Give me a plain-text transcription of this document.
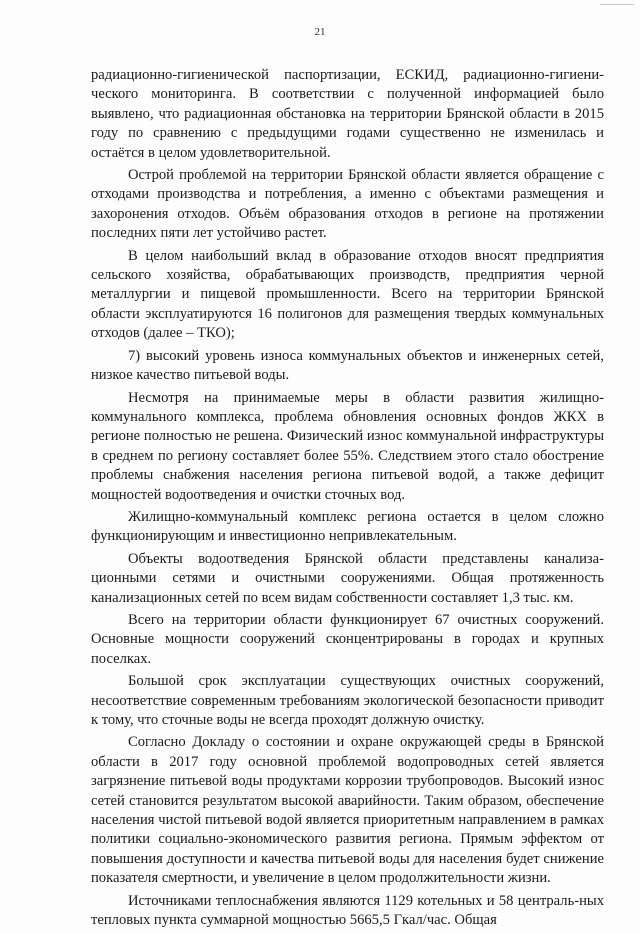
21

радиационно-гигиенической паспортизации, ЕСКИД, радиационно-гигиени-ческого мониторинга. В соответствии с полученной информацией было выявлено, что радиационная обстановка на территории Брянской области в 2015 году по сравнению с предыдущими годами существенно не изменилась и остаётся в целом удовлетворительной.

Острой проблемой на территории Брянской области является обращение с отходами производства и потребления, а именно с объектами размещения и захоронения отходов. Объём образования отходов в регионе на протяжении последних пяти лет устойчиво растет.

В целом наибольший вклад в образование отходов вносят предприятия сельского хозяйства, обрабатывающих производств, предприятия черной металлургии и пищевой промышленности. Всего на территории Брянской области эксплуатируются 16 полигонов для размещения твердых коммунальных отходов (далее – ТКО);

7) высокий уровень износа коммунальных объектов и инженерных сетей, низкое качество питьевой воды.

Несмотря на принимаемые меры в области развития жилищно-коммунального комплекса, проблема обновления основных фондов ЖКХ в регионе полностью не решена. Физический износ коммунальной инфраструктуры в среднем по региону составляет более 55%. Следствием этого стало обострение проблемы снабжения населения региона питьевой водой, а также дефицит мощностей водоотведения и очистки сточных вод.

Жилищно-коммунальный комплекс региона остается в целом сложно функционирующим и инвестиционно непривлекательным.

Объекты водоотведения Брянской области представлены канализа-ционными сетями и очистными сооружениями. Общая протяженность канализационных сетей по всем видам собственности составляет 1,3 тыс. км.

Всего на территории области функционирует 67 очистных сооружений. Основные мощности сооружений сконцентрированы в городах и крупных поселках.

Большой срок эксплуатации существующих очистных сооружений, несоответствие современным требованиям экологической безопасности приводит к тому, что сточные воды не всегда проходят должную очистку.

Согласно Докладу о состоянии и охране окружающей среды в Брянской области в 2017 году основной проблемой водопроводных сетей является загрязнение питьевой воды продуктами коррозии трубопроводов. Высокий износ сетей становится результатом высокой аварийности. Таким образом, обеспечение населения чистой питьевой водой является приоритетным направлением в рамках политики социально-экономического развития региона. Прямым эффектом от повышения доступности и качества питьевой воды для населения будет снижение показателя смертности, и увеличение в целом продолжительности жизни.

Источниками теплоснабжения являются 1129 котельных и 58 централь-ных тепловых пункта суммарной мощностью 5665,5 Гкал/час. Общая
